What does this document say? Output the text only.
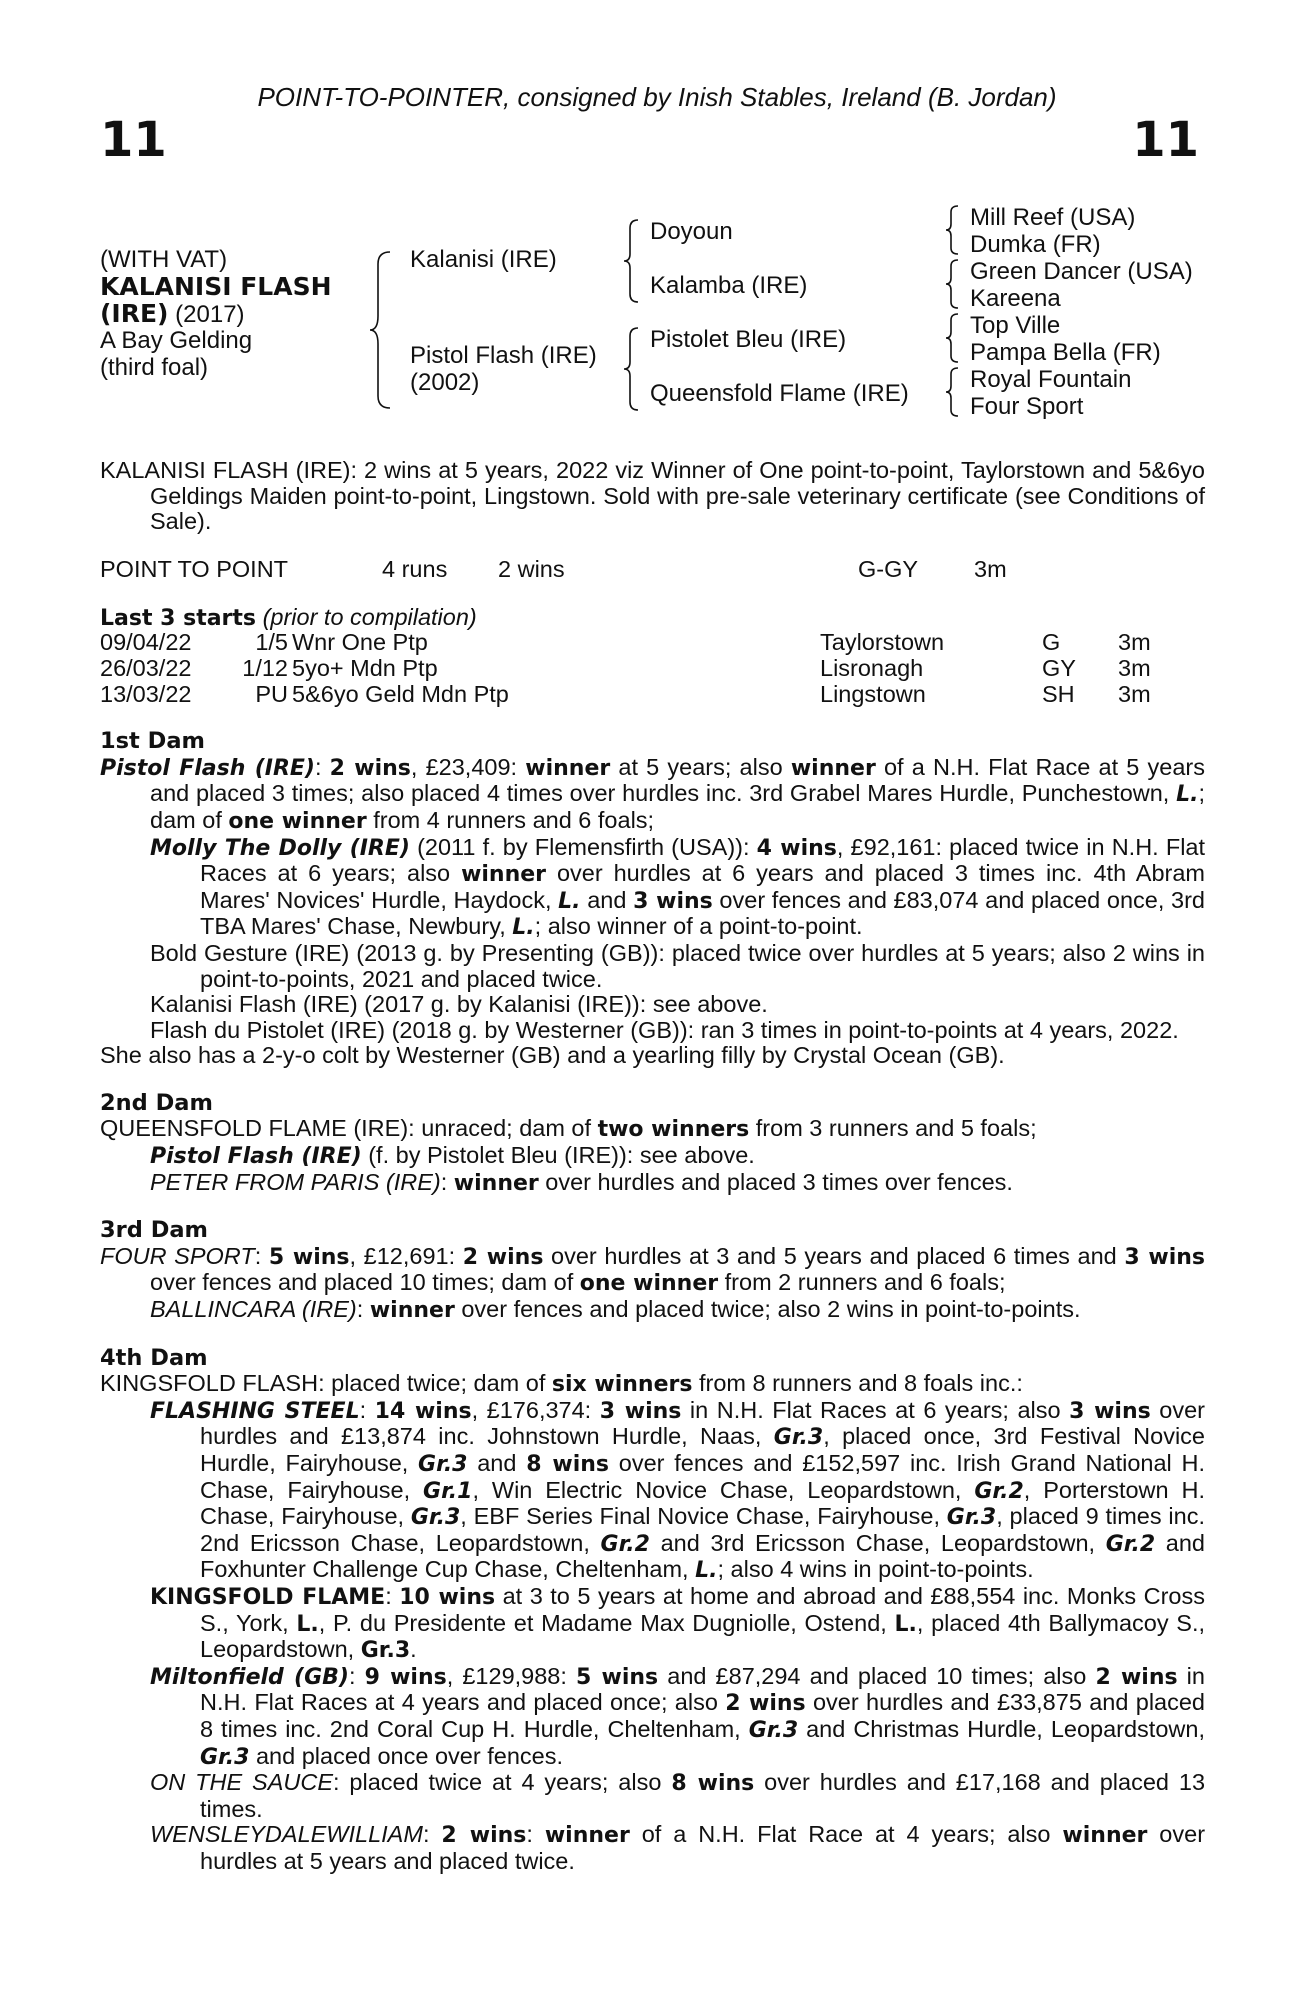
POINT-TO-POINTER, consigned by Inish Stables, Ireland (B. Jordan)
11	11
(WITH VAT)
KALANISI FLASH
(IRE) (2017)
A Bay Gelding
(third foal)
Kalanisi (IRE)
Pistol Flash (IRE)
(2002)
Doyoun
Kalamba (IRE)
Pistolet Bleu (IRE)
Queensfold Flame (IRE)
Mill Reef (USA)
Dumka (FR)
Green Dancer (USA)
Kareena
Top Ville
Pampa Bella (FR)
Royal Fountain
Four Sport

KALANISI FLASH (IRE): 2 wins at 5 years, 2022 viz Winner of One point-to-point, Taylorstown and 5&6yo Geldings Maiden point-to-point, Lingstown. Sold with pre-sale veterinary certificate (see Conditions of Sale).

POINT TO POINT	4 runs 2 wins	G-GY 3m
Last 3 starts (prior to compilation)
09/04/22	1/5 Wnr One Ptp	Taylorstown	G 3m
26/03/22	1/12 5yo+ Mdn Ptp	Lisronagh	GY 3m
13/03/22	PU 5&6yo Geld Mdn Ptp	Lingstown	SH 3m

1st Dam

Pistol Flash (IRE): 2 wins, £23,409: winner at 5 years; also winner of a N.H. Flat Race at 5 years and placed 3 times; also placed 4 times over hurdles inc. 3rd Grabel Mares Hurdle, Punchestown, L.; dam of one winner from 4 runners and 6 foals;

Molly The Dolly (IRE) (2011 f. by Flemensfirth (USA)): 4 wins, £92,161: placed twice in N.H. Flat Races at 6 years; also winner over hurdles at 6 years and placed 3 times inc. 4th Abram Mares' Novices' Hurdle, Haydock, L. and 3 wins over fences and £83,074 and placed once, 3rd TBA Mares' Chase, Newbury, L.; also winner of a point-to-point.

Bold Gesture (IRE) (2013 g. by Presenting (GB)): placed twice over hurdles at 5 years; also 2 wins in point-to-points, 2021 and placed twice.

Kalanisi Flash (IRE) (2017 g. by Kalanisi (IRE)): see above.

Flash du Pistolet (IRE) (2018 g. by Westerner (GB)): ran 3 times in point-to-points at 4 years, 2022.

She also has a 2-y-o colt by Westerner (GB) and a yearling filly by Crystal Ocean (GB).

2nd Dam

QUEENSFOLD FLAME (IRE): unraced; dam of two winners from 3 runners and 5 foals;

Pistol Flash (IRE) (f. by Pistolet Bleu (IRE)): see above.

PETER FROM PARIS (IRE): winner over hurdles and placed 3 times over fences.

3rd Dam

FOUR SPORT: 5 wins, £12,691: 2 wins over hurdles at 3 and 5 years and placed 6 times and 3 wins over fences and placed 10 times; dam of one winner from 2 runners and 6 foals;

BALLINCARA (IRE): winner over fences and placed twice; also 2 wins in point-to-points.

4th Dam

KINGSFOLD FLASH: placed twice; dam of six winners from 8 runners and 8 foals inc.:

FLASHING STEEL: 14 wins, £176,374: 3 wins in N.H. Flat Races at 6 years; also 3 wins over hurdles and £13,874 inc. Johnstown Hurdle, Naas, Gr.3, placed once, 3rd Festival Novice Hurdle, Fairyhouse, Gr.3 and 8 wins over fences and £152,597 inc. Irish Grand National H. Chase, Fairyhouse, Gr.1, Win Electric Novice Chase, Leopardstown, Gr.2, Porterstown H. Chase, Fairyhouse, Gr.3, EBF Series Final Novice Chase, Fairyhouse, Gr.3, placed 9 times inc. 2nd Ericsson Chase, Leopardstown, Gr.2 and 3rd Ericsson Chase, Leopardstown, Gr.2 and Foxhunter Challenge Cup Chase, Cheltenham, L.; also 4 wins in point-to-points.

KINGSFOLD FLAME: 10 wins at 3 to 5 years at home and abroad and £88,554 inc. Monks Cross S., York, L., P. du Presidente et Madame Max Dugniolle, Ostend, L., placed 4th Ballymacoy S., Leopardstown, Gr.3.

Miltonfield (GB): 9 wins, £129,988: 5 wins and £87,294 and placed 10 times; also 2 wins in N.H. Flat Races at 4 years and placed once; also 2 wins over hurdles and £33,875 and placed 8 times inc. 2nd Coral Cup H. Hurdle, Cheltenham, Gr.3 and Christmas Hurdle, Leopardstown, Gr.3 and placed once over fences.

ON THE SAUCE: placed twice at 4 years; also 8 wins over hurdles and £17,168 and placed 13 times.

WENSLEYDALEWILLIAM: 2 wins: winner of a N.H. Flat Race at 4 years; also winner over hurdles at 5 years and placed twice.
